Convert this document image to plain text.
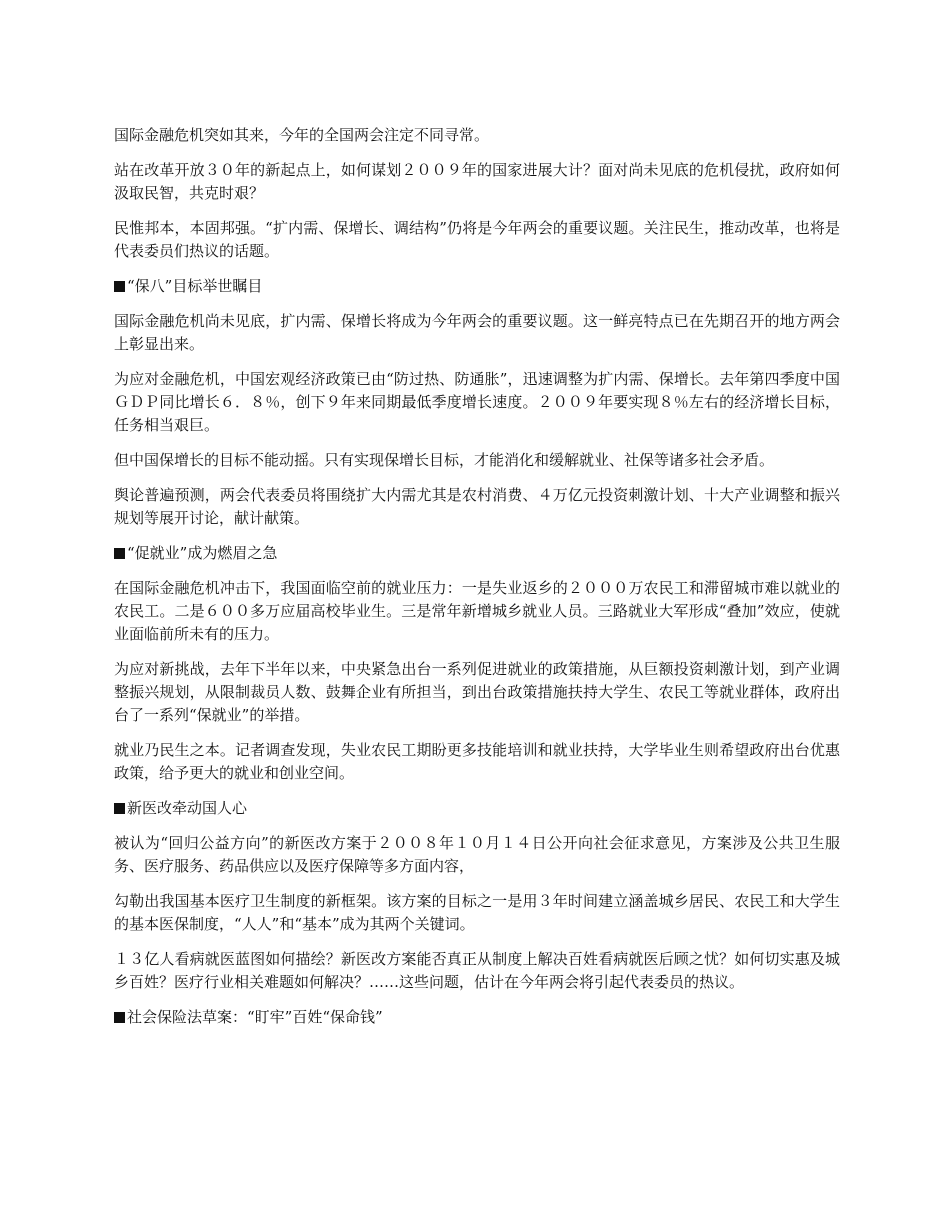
国际金融危机突如其来，今年的全国两会注定不同寻常。

站在改革开放３０年的新起点上，如何谋划２００９年的国家进展大计？面对尚未见底的危机侵扰，政府如何汲取民智，共克时艰？

民惟邦本，本固邦强。“扩内需、保增长、调结构”仍将是今年两会的重要议题。关注民生，推动改革，也将是代表委员们热议的话题。

“保八”目标举世瞩目

国际金融危机尚未见底，扩内需、保增长将成为今年两会的重要议题。这一鲜亮特点已在先期召开的地方两会上彰显出来。

为应对金融危机，中国宏观经济政策已由“防过热、防通胀”，迅速调整为扩内需、保增长。去年第四季度中国ＧＤＰ同比增长６．８％，创下９年来同期最低季度增长速度。２００９年要实现８％左右的经济增长目标，任务相当艰巨。

但中国保增长的目标不能动摇。只有实现保增长目标，才能消化和缓解就业、社保等诸多社会矛盾。

舆论普遍预测，两会代表委员将围绕扩大内需尤其是农村消费、４万亿元投资刺激计划、十大产业调整和振兴规划等展开讨论，献计献策。

“促就业”成为燃眉之急

在国际金融危机冲击下，我国面临空前的就业压力：一是失业返乡的２０００万农民工和滞留城市难以就业的农民工。二是６００多万应届高校毕业生。三是常年新增城乡就业人员。三路就业大军形成“叠加”效应，使就业面临前所未有的压力。

为应对新挑战，去年下半年以来，中央紧急出台一系列促进就业的政策措施，从巨额投资刺激计划，到产业调整振兴规划，从限制裁员人数、鼓舞企业有所担当，到出台政策措施扶持大学生、农民工等就业群体，政府出台了一系列“保就业”的举措。

就业乃民生之本。记者调查发现，失业农民工期盼更多技能培训和就业扶持，大学毕业生则希望政府出台优惠政策，给予更大的就业和创业空间。

新医改牵动国人心

被认为“回归公益方向”的新医改方案于２００８年１０月１４日公开向社会征求意见，方案涉及公共卫生服务、医疗服务、药品供应以及医疗保障等多方面内容，

勾勒出我国基本医疗卫生制度的新框架。该方案的目标之一是用３年时间建立涵盖城乡居民、农民工和大学生的基本医保制度，“人人”和“基本”成为其两个关键词。

１３亿人看病就医蓝图如何描绘？新医改方案能否真正从制度上解决百姓看病就医后顾之忧？如何切实惠及城乡百姓？医疗行业相关难题如何解决？……这些问题，估计在今年两会将引起代表委员的热议。

社会保险法草案：“盯牢”百姓“保命钱”
